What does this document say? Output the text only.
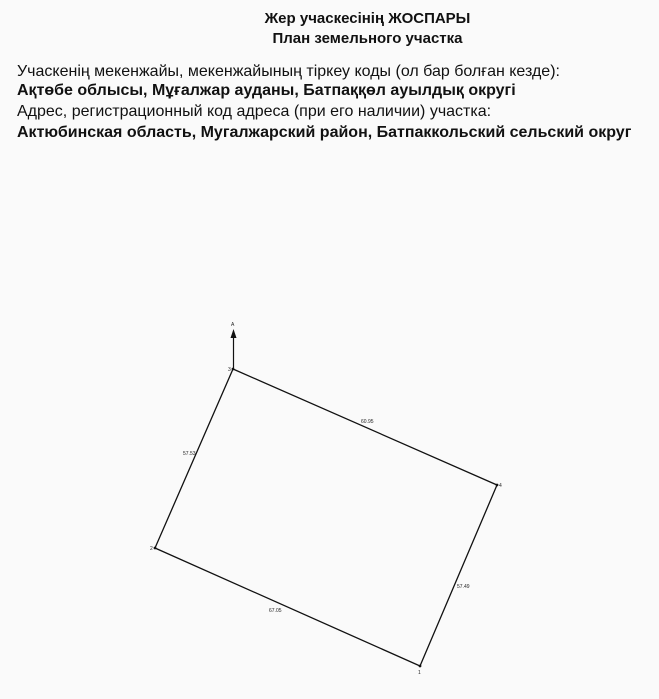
Жер учаскесінің ЖОСПАРЫ
План земельного участка
Учаскенің мекенжайы, мекенжайының тіркеу коды (ол бар болған кезде):
Ақтөбе облысы, Мұғалжар ауданы, Батпаққөл ауылдық округі
Адрес, регистрационный код адреса (при его наличии) участка:
Актюбинская область, Мугалжарский район, Батпаккольский сельский округ
А
3
4
1
2
60.95
57.53
57.49
67.05
